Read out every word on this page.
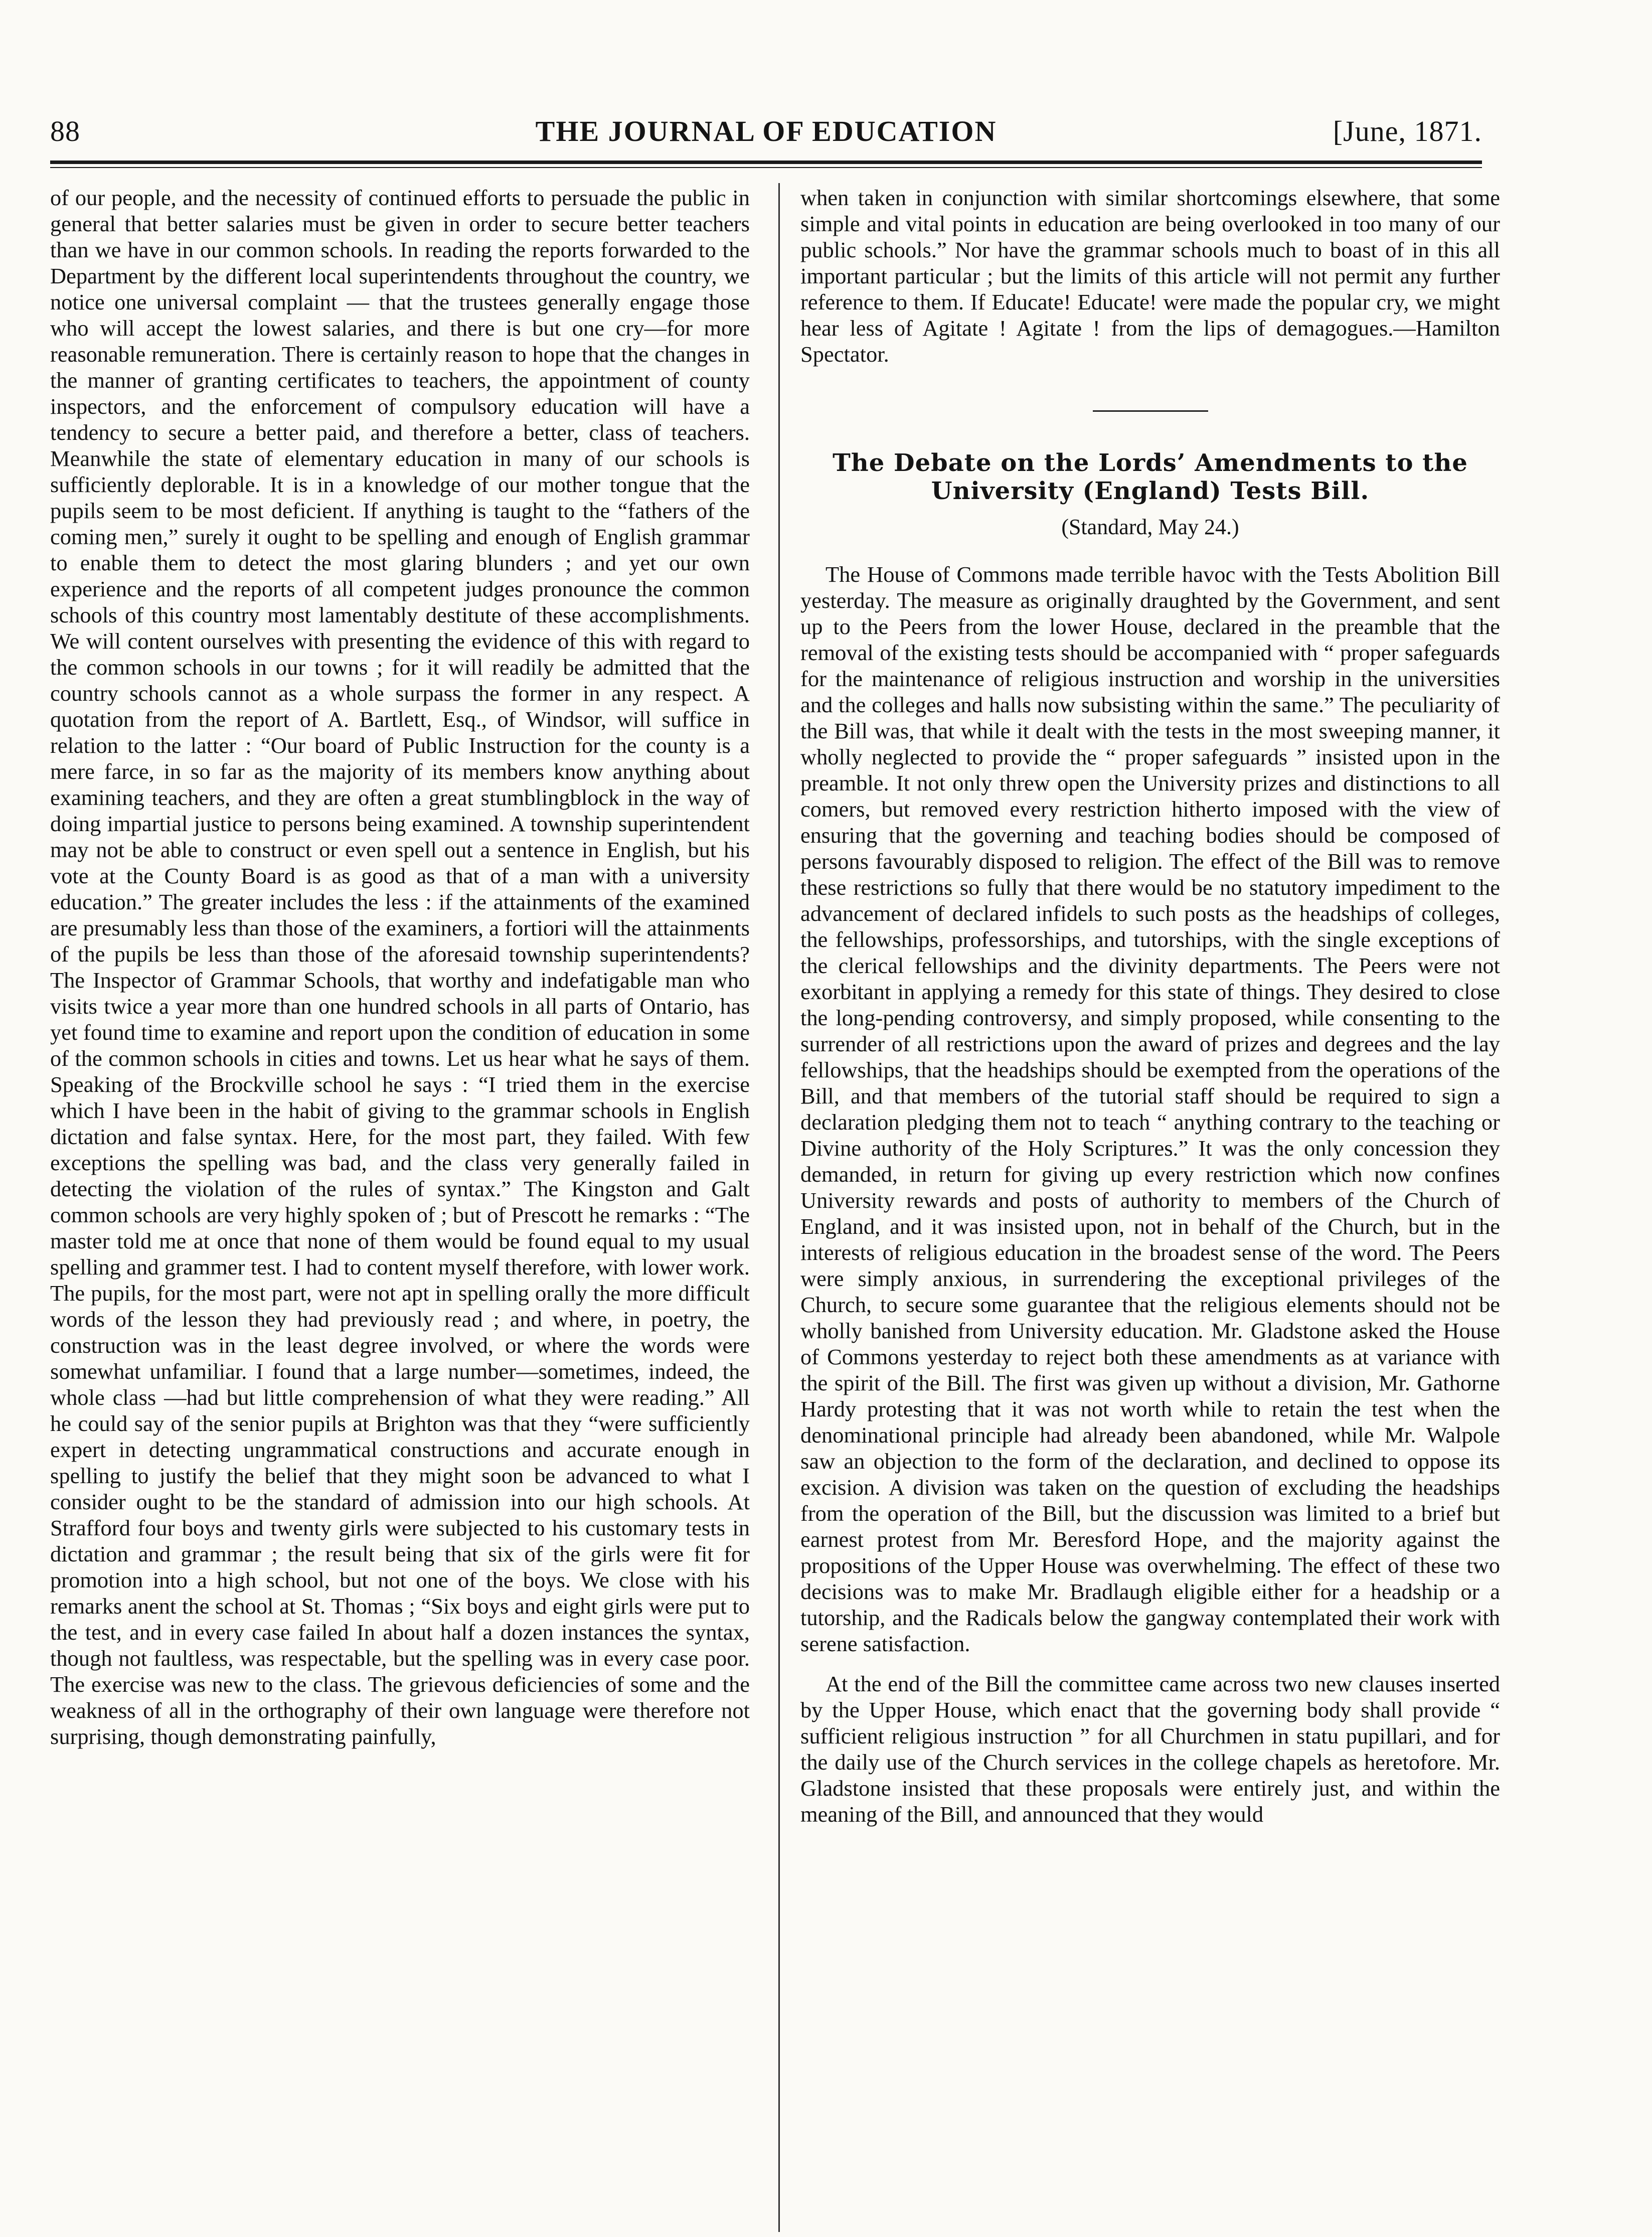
88	THE JOURNAL OF EDUCATION	[June, 1871.

of our people, and the necessity of continued efforts to persuade the public in general that better salaries must be given in order to secure better teachers than we have in our common schools. In reading the reports forwarded to the Department by the different local superintendents throughout the country, we notice one universal complaint — that the trustees generally engage those who will accept the lowest salaries, and there is but one cry—for more reasonable remuneration. There is certainly reason to hope that the changes in the manner of granting certificates to teachers, the appointment of county inspectors, and the enforcement of compulsory education will have a tendency to secure a better paid, and therefore a better, class of teachers. Meanwhile the state of elementary education in many of our schools is sufficiently deplorable. It is in a knowledge of our mother tongue that the pupils seem to be most deficient. If anything is taught to the “fathers of the coming men,” surely it ought to be spelling and enough of English grammar to enable them to detect the most glaring blunders ; and yet our own experience and the reports of all competent judges pronounce the common schools of this country most lamentably destitute of these accomplishments. We will content ourselves with presenting the evidence of this with regard to the common schools in our towns ; for it will readily be admitted that the country schools cannot as a whole surpass the former in any respect. A quotation from the report of A. Bartlett, Esq., of Windsor, will suffice in relation to the latter : “Our board of Public Instruction for the county is a mere farce, in so far as the majority of its members know anything about examining teachers, and they are often a great stumblingblock in the way of doing impartial justice to persons being examined. A township superintendent may not be able to construct or even spell out a sentence in English, but his vote at the County Board is as good as that of a man with a university education.” The greater includes the less : if the attainments of the examined are presumably less than those of the examiners, a fortiori will the attainments of the pupils be less than those of the aforesaid township superintendents? The Inspector of Grammar Schools, that worthy and indefatigable man who visits twice a year more than one hundred schools in all parts of Ontario, has yet found time to examine and report upon the condition of education in some of the common schools in cities and towns. Let us hear what he says of them. Speaking of the Brockville school he says : “I tried them in the exercise which I have been in the habit of giving to the grammar schools in English dictation and false syntax. Here, for the most part, they failed. With few exceptions the spelling was bad, and the class very generally failed in detecting the violation of the rules of syntax.” The Kingston and Galt common schools are very highly spoken of ; but of Prescott he remarks : “The master told me at once that none of them would be found equal to my usual spelling and grammer test. I had to content myself therefore, with lower work. The pupils, for the most part, were not apt in spelling orally the more difficult words of the lesson they had previously read ; and where, in poetry, the construction was in the least degree involved, or where the words were somewhat unfamiliar. I found that a large number—sometimes, indeed, the whole class —had but little comprehension of what they were reading.” All he could say of the senior pupils at Brighton was that they “were sufficiently expert in detecting ungrammatical constructions and accurate enough in spelling to justify the belief that they might soon be advanced to what I consider ought to be the standard of admission into our high schools. At Strafford four boys and twenty girls were subjected to his customary tests in dictation and grammar ; the result being that six of the girls were fit for promotion into a high school, but not one of the boys. We close with his remarks anent the school at St. Thomas ; “Six boys and eight girls were put to the test, and in every case failed In about half a dozen instances the syntax, though not faultless, was respectable, but the spelling was in every case poor. The exercise was new to the class. The grievous deficiencies of some and the weakness of all in the orthography of their own language were therefore not surprising, though demonstrating painfully,

when taken in conjunction with similar shortcomings elsewhere, that some simple and vital points in education are being overlooked in too many of our public schools.” Nor have the grammar schools much to boast of in this all important particular ; but the limits of this article will not permit any further reference to them. If Educate! Educate! were made the popular cry, we might hear less of Agitate ! Agitate ! from the lips of demagogues.—Hamilton Spectator.

The Debate on the Lords’ Amendments to the University (England) Tests Bill.
(Standard, May 24.)

The House of Commons made terrible havoc with the Tests Abolition Bill yesterday. The measure as originally draughted by the Government, and sent up to the Peers from the lower House, declared in the preamble that the removal of the existing tests should be accompanied with “ proper safeguards for the maintenance of religious instruction and worship in the universities and the colleges and halls now subsisting within the same.” The peculiarity of the Bill was, that while it dealt with the tests in the most sweeping manner, it wholly neglected to provide the “ proper safeguards ” insisted upon in the preamble. It not only threw open the University prizes and distinctions to all comers, but removed every restriction hitherto imposed with the view of ensuring that the governing and teaching bodies should be composed of persons favourably disposed to religion. The effect of the Bill was to remove these restrictions so fully that there would be no statutory impediment to the advancement of declared infidels to such posts as the headships of colleges, the fellowships, professorships, and tutorships, with the single exceptions of the clerical fellowships and the divinity departments. The Peers were not exorbitant in applying a remedy for this state of things. They desired to close the long-pending controversy, and simply proposed, while consenting to the surrender of all restrictions upon the award of prizes and degrees and the lay fellowships, that the headships should be exempted from the operations of the Bill, and that members of the tutorial staff should be required to sign a declaration pledging them not to teach “ anything contrary to the teaching or Divine authority of the Holy Scriptures.” It was the only concession they demanded, in return for giving up every restriction which now confines University rewards and posts of authority to members of the Church of England, and it was insisted upon, not in behalf of the Church, but in the interests of religious education in the broadest sense of the word. The Peers were simply anxious, in surrendering the exceptional privileges of the Church, to secure some guarantee that the religious elements should not be wholly banished from University education. Mr. Gladstone asked the House of Commons yesterday to reject both these amendments as at variance with the spirit of the Bill. The first was given up without a division, Mr. Gathorne Hardy protesting that it was not worth while to retain the test when the denominational principle had already been abandoned, while Mr. Walpole saw an objection to the form of the declaration, and declined to oppose its excision. A division was taken on the question of excluding the headships from the operation of the Bill, but the discussion was limited to a brief but earnest protest from Mr. Beresford Hope, and the majority against the propositions of the Upper House was overwhelming. The effect of these two decisions was to make Mr. Bradlaugh eligible either for a headship or a tutorship, and the Radicals below the gangway contemplated their work with serene satisfaction.

At the end of the Bill the committee came across two new clauses inserted by the Upper House, which enact that the governing body shall provide “ sufficient religious instruction ” for all Churchmen in statu pupillari, and for the daily use of the Church services in the college chapels as heretofore. Mr. Gladstone insisted that these proposals were entirely just, and within the meaning of the Bill, and announced that they would
